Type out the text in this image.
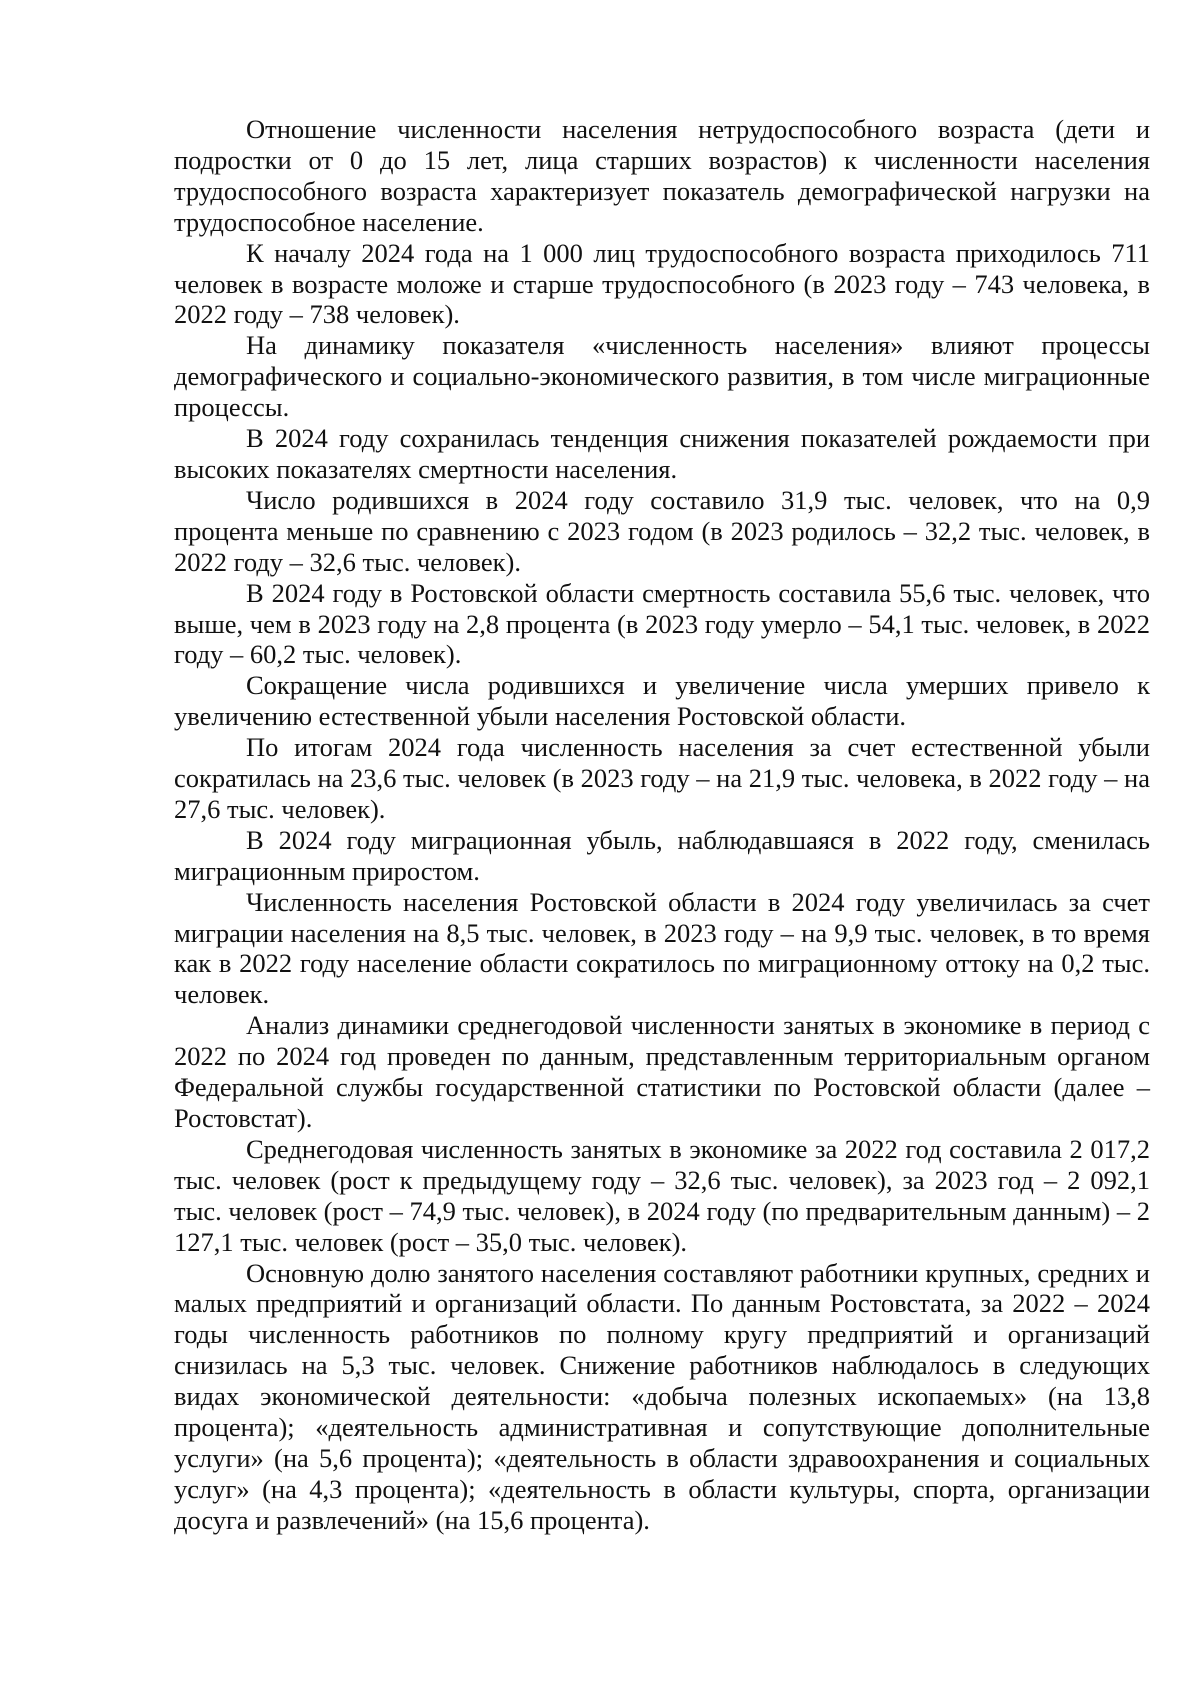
Отношение численности населения нетрудоспособного возраста (дети и подростки от 0 до 15 лет, лица старших возрастов) к численности населения трудоспособного возраста характеризует показатель демографической нагрузки на трудоспособное население.

К началу 2024 года на 1 000 лиц трудоспособного возраста приходилось 711 человек в возрасте моложе и старше трудоспособного (в 2023 году – 743 человека, в 2022 году – 738 человек).

На динамику показателя «численность населения» влияют процессы демографического и социально-экономического развития, в том числе миграционные процессы.

В 2024 году сохранилась тенденция снижения показателей рождаемости при высоких показателях смертности населения.

Число родившихся в 2024 году составило 31,9 тыс. человек, что на 0,9 процента меньше по сравнению с 2023 годом (в 2023 родилось – 32,2 тыс. человек, в 2022 году – 32,6 тыс. человек).

В 2024 году в Ростовской области смертность составила 55,6 тыс. человек, что выше, чем в 2023 году на 2,8 процента (в 2023 году умерло – 54,1 тыс. человек, в 2022 году – 60,2 тыс. человек).

Сокращение числа родившихся и увеличение числа умерших привело к увеличению естественной убыли населения Ростовской области.

По итогам 2024 года численность населения за счет естественной убыли сократилась на 23,6 тыс. человек (в 2023 году – на 21,9 тыс. человека, в 2022 году – на 27,6 тыс. человек).

В 2024 году миграционная убыль, наблюдавшаяся в 2022 году, сменилась миграционным приростом.

Численность населения Ростовской области в 2024 году увеличилась за счет миграции населения на 8,5 тыс. человек, в 2023 году – на 9,9 тыс. человек, в то время как в 2022 году население области сократилось по миграционному оттоку на 0,2 тыс. человек.

Анализ динамики среднегодовой численности занятых в экономике в период с 2022 по 2024 год проведен по данным, представленным территориальным органом Федеральной службы государственной статистики по Ростовской области (далее – Ростовстат).

Среднегодовая численность занятых в экономике за 2022 год составила 2 017,2 тыс. человек (рост к предыдущему году – 32,6 тыс. человек), за 2023 год – 2 092,1 тыс. человек (рост – 74,9 тыс. человек), в 2024 году (по предварительным данным) – 2 127,1 тыс. человек (рост – 35,0 тыс. человек).

Основную долю занятого населения составляют работники крупных, средних и малых предприятий и организаций области. По данным Ростовстата, за 2022 – 2024 годы численность работников по полному кругу предприятий и организаций снизилась на 5,3 тыс. человек. Снижение работников наблюдалось в следующих видах экономической деятельности: «добыча полезных ископаемых» (на 13,8 процента); «деятельность административная и сопутствующие дополнительные услуги» (на 5,6 процента); «деятельность в области здравоохранения и социальных услуг» (на 4,3 процента); «деятельность в области культуры, спорта, организации досуга и развлечений» (на 15,6 процента).
